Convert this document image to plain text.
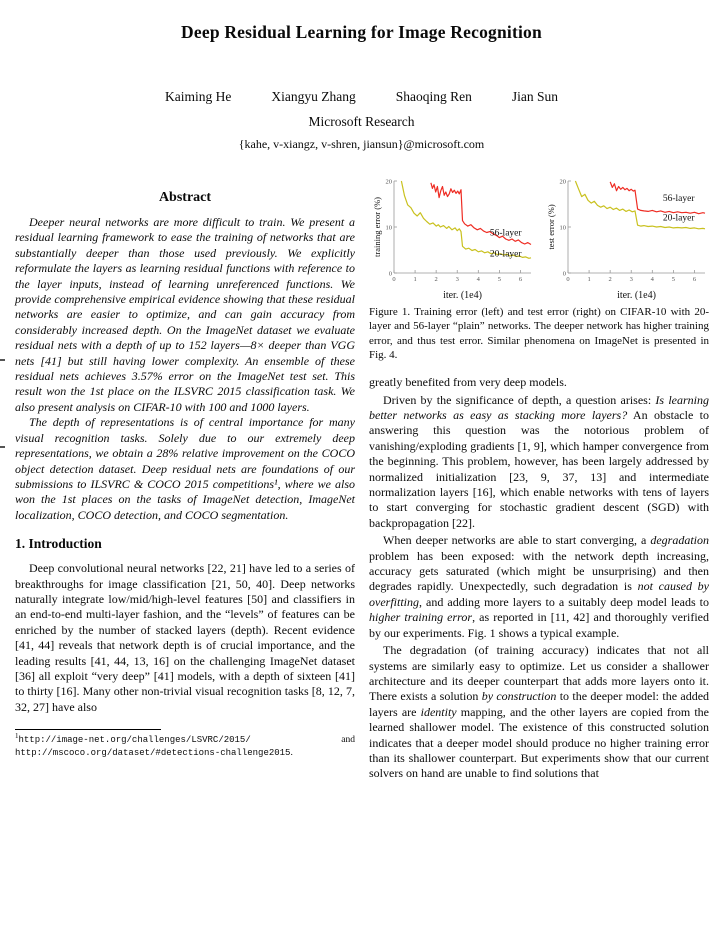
Deep Residual Learning for Image Recognition
Kaiming He	Xiangyu Zhang	Shaoqing Ren	Jian Sun
Microsoft Research
{kahe, v-xiangz, v-shren, jiansun}@microsoft.com
Abstract

Deeper neural networks are more difficult to train. We present a residual learning framework to ease the training of networks that are substantially deeper than those used previously. We explicitly reformulate the layers as learning residual functions with reference to the layer inputs, instead of learning unreferenced functions. We provide comprehensive empirical evidence showing that these residual networks are easier to optimize, and can gain accuracy from considerably increased depth. On the ImageNet dataset we evaluate residual nets with a depth of up to 152 layers—8× deeper than VGG nets [41] but still having lower complexity. An ensemble of these residual nets achieves 3.57% error on the ImageNet test set. This result won the 1st place on the ILSVRC 2015 classification task. We also present analysis on CIFAR-10 with 100 and 1000 layers.

The depth of representations is of central importance for many visual recognition tasks. Solely due to our extremely deep representations, we obtain a 28% relative improvement on the COCO object detection dataset. Deep residual nets are foundations of our submissions to ILSVRC & COCO 2015 competitions¹, where we also won the 1st places on the tasks of ImageNet detection, ImageNet localization, COCO detection, and COCO segmentation.

1. Introduction

Deep convolutional neural networks [22, 21] have led to a series of breakthroughs for image classification [21, 50, 40]. Deep networks naturally integrate low/mid/high-level features [50] and classifiers in an end-to-end multi-layer fashion, and the “levels” of features can be enriched by the number of stacked layers (depth). Recent evidence [41, 44] reveals that network depth is of crucial importance, and the leading results [41, 44, 13, 16] on the challenging ImageNet dataset [36] all exploit “very deep” [41] models, with a depth of sixteen [41] to thirty [16]. Many other non-trivial visual recognition tasks [8, 12, 7, 32, 27] have also

$^1$http://image-net.org/challenges/LSVRC/2015/	and
http://mscoco.org/dataset/#detections-challenge2015.
0	1	2	3	4	5	6
0
10
20
56-layer
20-layer
iter. (1e4)
training error (%)
0	1	2	3	4	5	6
0
10
20
56-layer
20-layer
iter. (1e4)
test error (%)
Figure 1. Training error (left) and test error (right) on CIFAR-10 with 20-layer and 56-layer “plain” networks. The deeper network has higher training error, and thus test error. Similar phenomena on ImageNet is presented in Fig. 4.

greatly benefited from very deep models.

Driven by the significance of depth, a question arises: Is learning better networks as easy as stacking more layers? An obstacle to answering this question was the notorious problem of vanishing/exploding gradients [1, 9], which hamper convergence from the beginning. This problem, however, has been largely addressed by normalized initialization [23, 9, 37, 13] and intermediate normalization layers [16], which enable networks with tens of layers to start converging for stochastic gradient descent (SGD) with backpropagation [22].

When deeper networks are able to start converging, a degradation problem has been exposed: with the network depth increasing, accuracy gets saturated (which might be unsurprising) and then degrades rapidly. Unexpectedly, such degradation is not caused by overfitting, and adding more layers to a suitably deep model leads to higher training error, as reported in [11, 42] and thoroughly verified by our experiments. Fig. 1 shows a typical example.

The degradation (of training accuracy) indicates that not all systems are similarly easy to optimize. Let us consider a shallower architecture and its deeper counterpart that adds more layers onto it. There exists a solution by construction to the deeper model: the added layers are identity mapping, and the other layers are copied from the learned shallower model. The existence of this constructed solution indicates that a deeper model should produce no higher training error than its shallower counterpart. But experiments show that our current solvers on hand are unable to find solutions that
